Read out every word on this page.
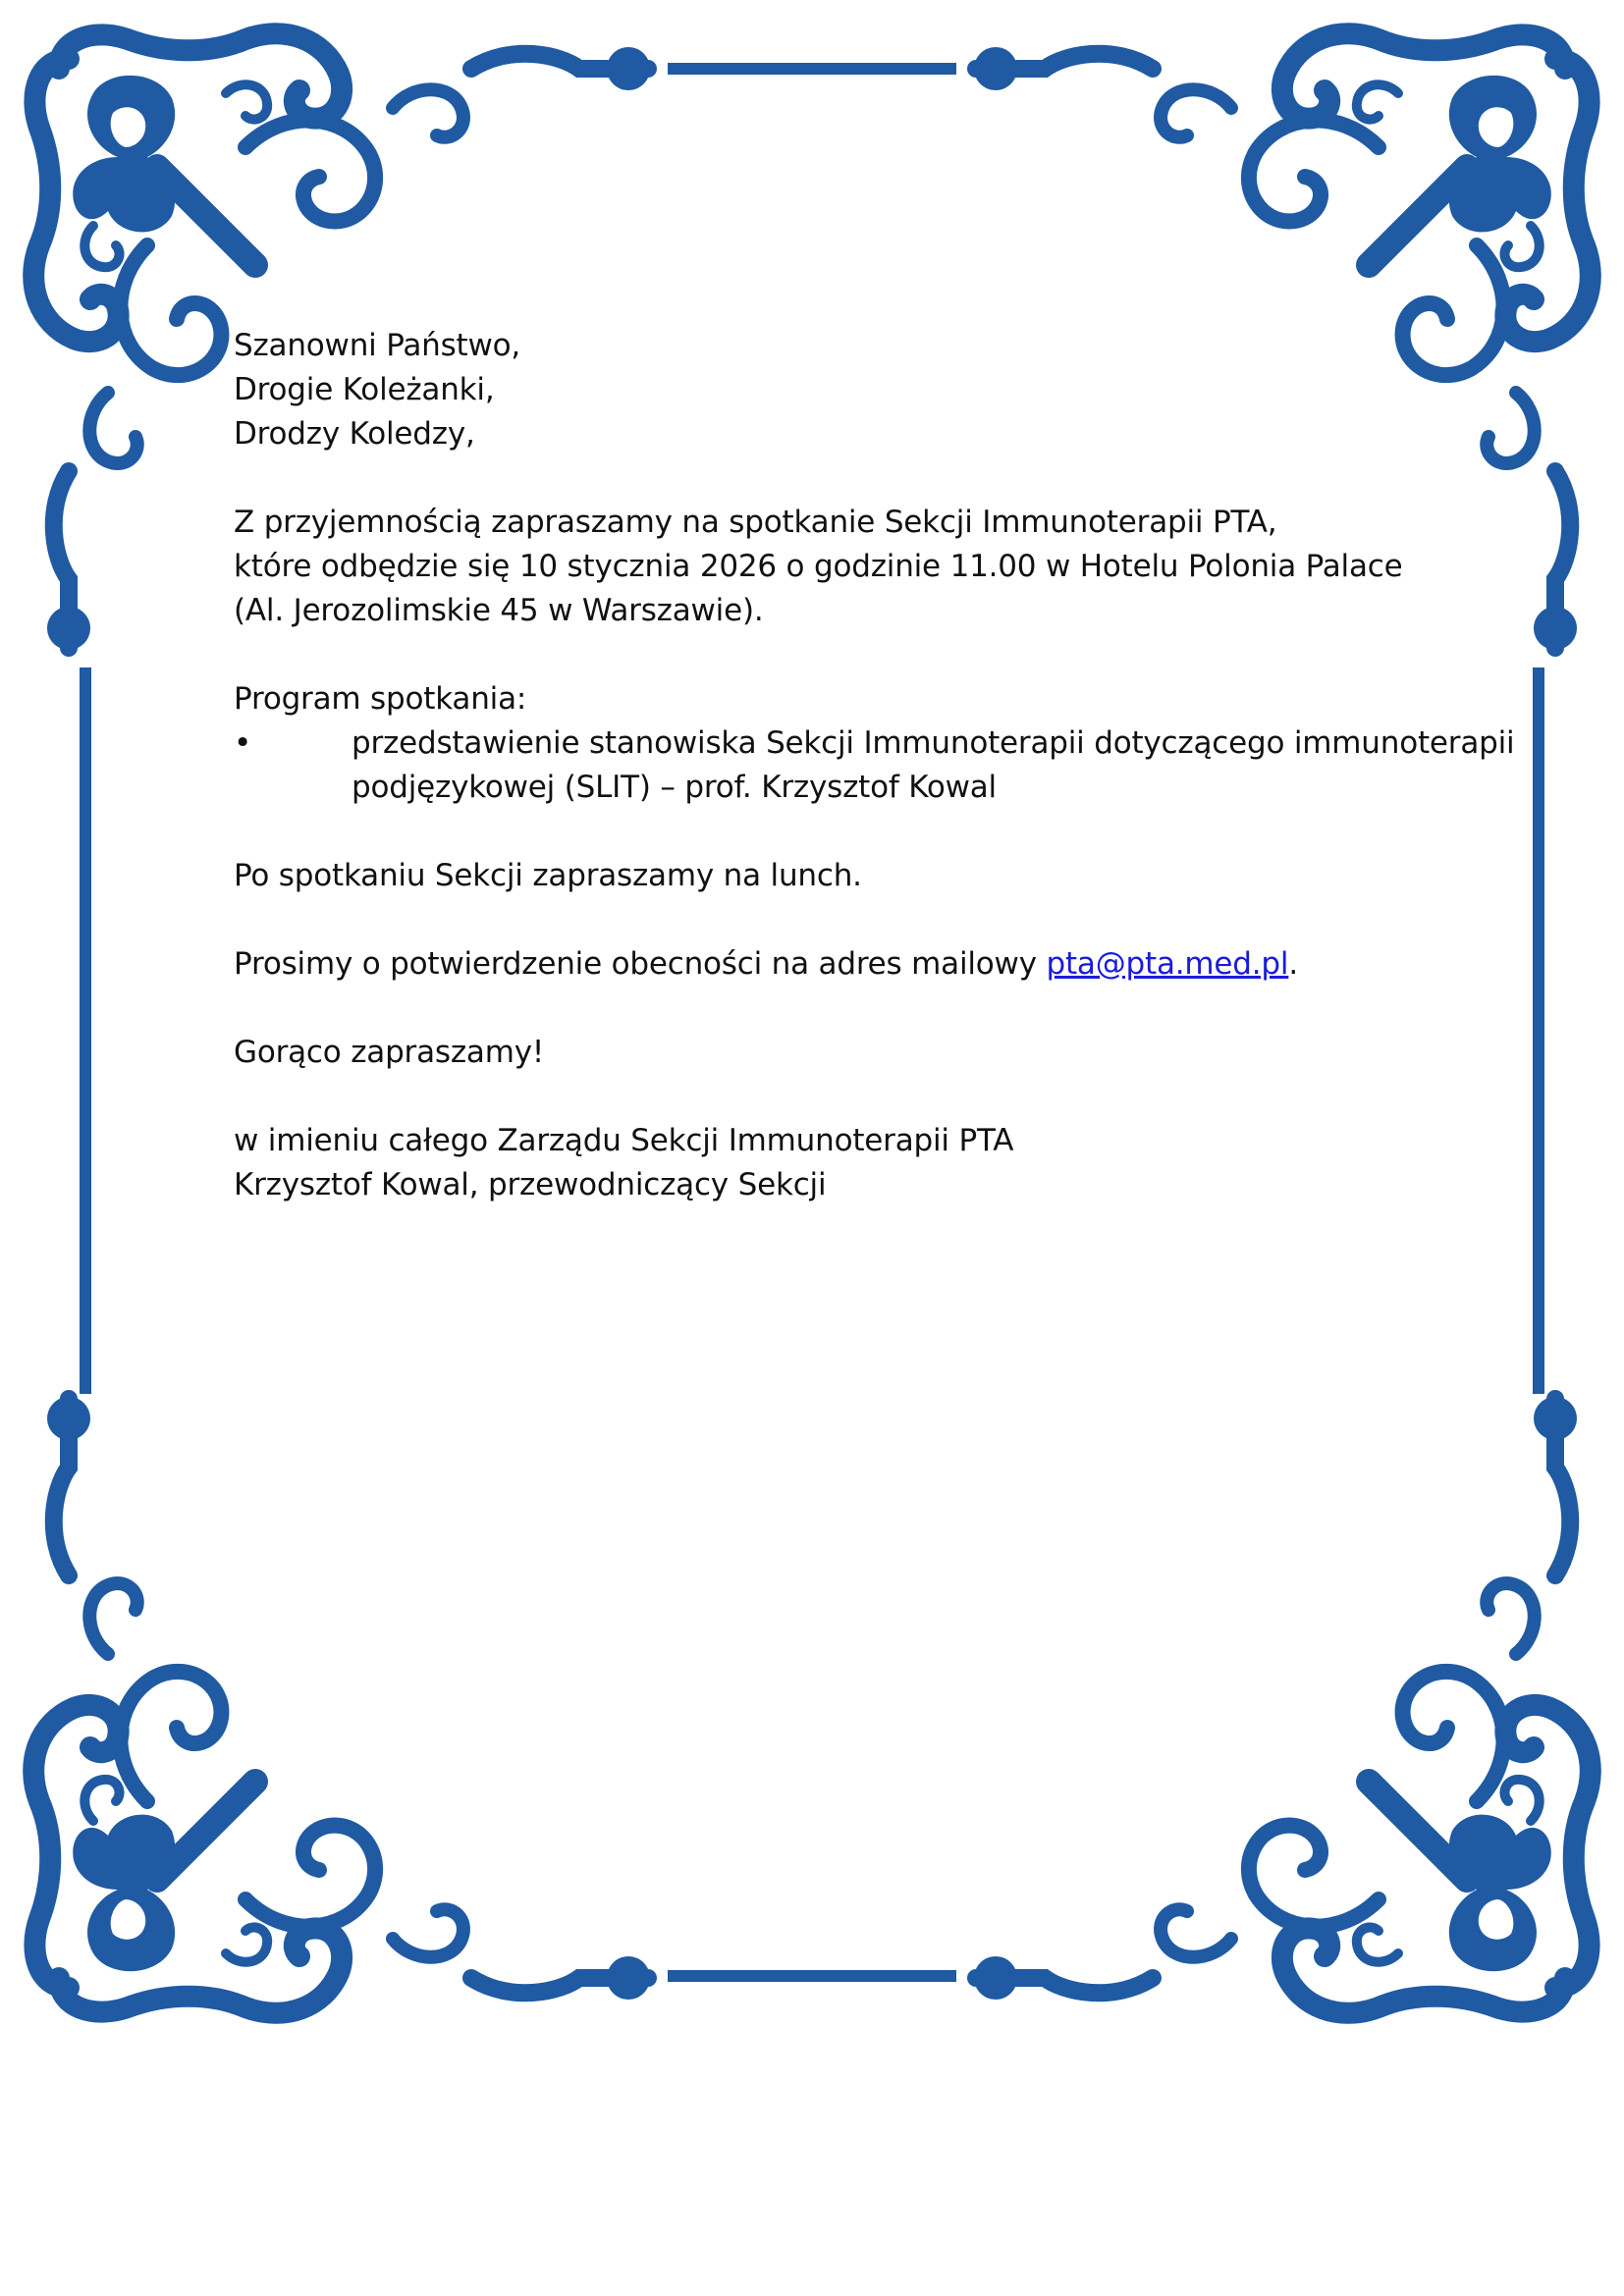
Szanowni Państwo,

Drogie Koleżanki,

Drodzy Koledzy,

Z przyjemnością zapraszamy na spotkanie Sekcji Immunoterapii PTA,

które odbędzie się 10 stycznia 2026 o godzinie 11.00 w Hotelu Polonia Palace

(Al. Jerozolimskie 45 w Warszawie).

Program spotkania:

•	przedstawienie stanowiska Sekcji Immunoterapii dotyczącego immunoterapii

podjęzykowej (SLIT) – prof. Krzysztof Kowal

Po spotkaniu Sekcji zapraszamy na lunch.

Prosimy o potwierdzenie obecności na adres mailowy pta@pta.med.pl.

Gorąco zapraszamy!

w imieniu całego Zarządu Sekcji Immunoterapii PTA

Krzysztof Kowal, przewodniczący Sekcji
